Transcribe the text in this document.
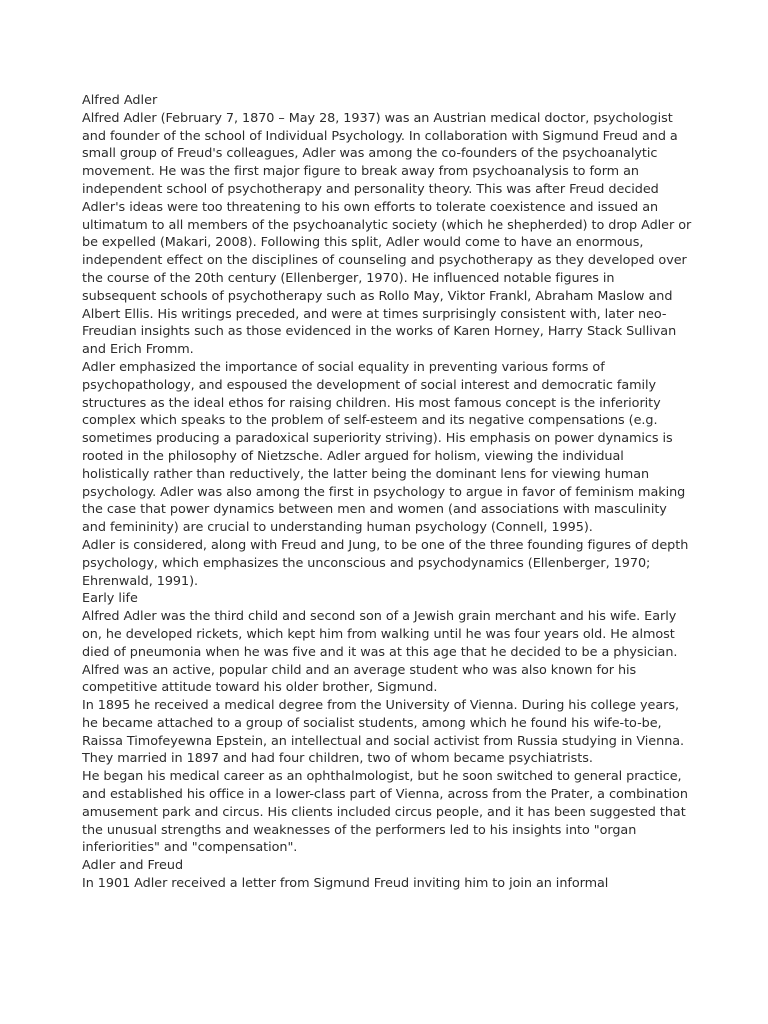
Alfred Adler

Alfred Adler (February 7, 1870 – May 28, 1937) was an Austrian medical doctor, psychologist and founder of the school of Individual Psychology. In collaboration with Sigmund Freud and a small group of Freud's colleagues, Adler was among the co-founders of the psychoanalytic movement. He was the first major figure to break away from psychoanalysis to form an independent school of psychotherapy and personality theory. This was after Freud decided Adler's ideas were too threatening to his own efforts to tolerate coexistence and issued an ultimatum to all members of the psychoanalytic society (which he shepherded) to drop Adler or be expelled (Makari, 2008). Following this split, Adler would come to have an enormous, independent effect on the disciplines of counseling and psychotherapy as they developed over the course of the 20th century (Ellenberger, 1970). He influenced notable figures in subsequent schools of psychotherapy such as Rollo May, Viktor Frankl, Abraham Maslow and Albert Ellis. His writings preceded, and were at times surprisingly consistent with, later neo-Freudian insights such as those evidenced in the works of Karen Horney, Harry Stack Sullivan and Erich Fromm.

Adler emphasized the importance of social equality in preventing various forms of psychopathology, and espoused the development of social interest and democratic family structures as the ideal ethos for raising children. His most famous concept is the inferiority complex which speaks to the problem of self-esteem and its negative compensations (e.g. sometimes producing a paradoxical superiority striving). His emphasis on power dynamics is rooted in the philosophy of Nietzsche. Adler argued for holism, viewing the individual holistically rather than reductively, the latter being the dominant lens for viewing human psychology. Adler was also among the first in psychology to argue in favor of feminism making the case that power dynamics between men and women (and associations with masculinity and femininity) are crucial to understanding human psychology (Connell, 1995).

Adler is considered, along with Freud and Jung, to be one of the three founding figures of depth psychology, which emphasizes the unconscious and psychodynamics (Ellenberger, 1970; Ehrenwald, 1991).

Early life

Alfred Adler was the third child and second son of a Jewish grain merchant and his wife. Early on, he developed rickets, which kept him from walking until he was four years old. He almost died of pneumonia when he was five and it was at this age that he decided to be a physician.

Alfred was an active, popular child and an average student who was also known for his competitive attitude toward his older brother, Sigmund.

In 1895 he received a medical degree from the University of Vienna. During his college years, he became attached to a group of socialist students, among which he found his wife-to-be, Raissa Timofeyewna Epstein, an intellectual and social activist from Russia studying in Vienna. They married in 1897 and had four children, two of whom became psychiatrists.

He began his medical career as an ophthalmologist, but he soon switched to general practice, and established his office in a lower-class part of Vienna, across from the Prater, a combination amusement park and circus. His clients included circus people, and it has been suggested that the unusual strengths and weaknesses of the performers led to his insights into "organ inferiorities" and "compensation".

Adler and Freud

In 1901 Adler received a letter from Sigmund Freud inviting him to join an informal
